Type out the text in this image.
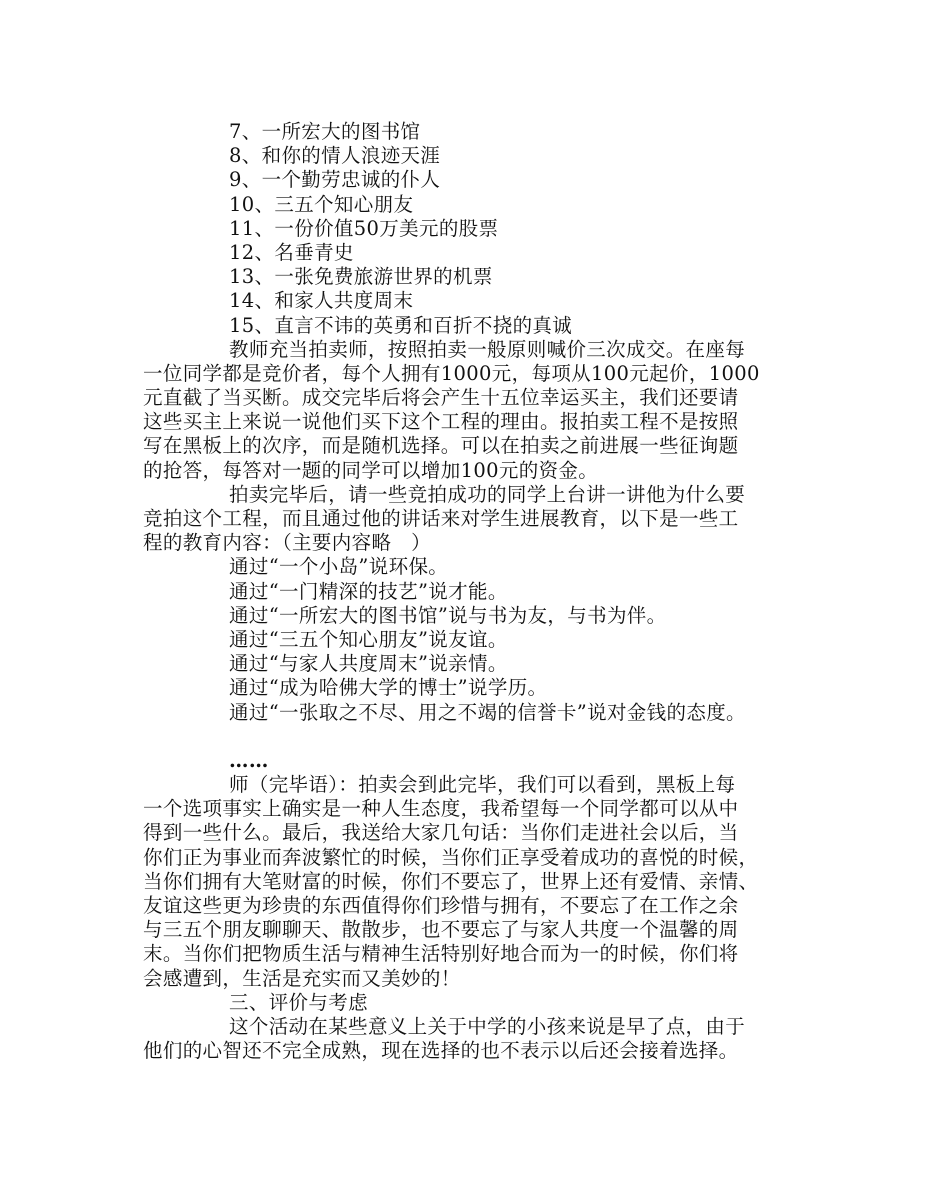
7、一所宏大的图书馆
8、和你的情人浪迹天涯
9、一个勤劳忠诚的仆人
10、三五个知心朋友
11、一份价值50万美元的股票
12、名垂青史
13、一张免费旅游世界的机票
14、和家人共度周末
15、直言不讳的英勇和百折不挠的真诚
教师充当拍卖师，按照拍卖一般原则喊价三次成交。在座每
一位同学都是竞价者，每个人拥有1000元，每项从100元起价，1000
元直截了当买断。成交完毕后将会产生十五位幸运买主，我们还要请
这些买主上来说一说他们买下这个工程的理由。报拍卖工程不是按照
写在黑板上的次序，而是随机选择。可以在拍卖之前进展一些征询题
的抢答，每答对一题的同学可以增加100元的资金。
拍卖完毕后，请一些竞拍成功的同学上台讲一讲他为什么要
竞拍这个工程，而且通过他的讲话来对学生进展教育，以下是一些工
程的教育内容：（主要内容略　）
通过“一个小岛”说环保。
通过“一门精深的技艺”说才能。
通过“一所宏大的图书馆”说与书为友，与书为伴。
通过“三五个知心朋友”说友谊。
通过“与家人共度周末”说亲情。
通过“成为哈佛大学的博士”说学历。
通过“一张取之不尽、用之不竭的信誉卡”说对金钱的态度。
……
师（完毕语）：拍卖会到此完毕，我们可以看到，黑板上每
一个选项事实上确实是一种人生态度，我希望每一个同学都可以从中
得到一些什么。最后，我送给大家几句话：当你们走进社会以后，当
你们正为事业而奔波繁忙的时候，当你们正享受着成功的喜悦的时候，
当你们拥有大笔财富的时候，你们不要忘了，世界上还有爱情、亲情、
友谊这些更为珍贵的东西值得你们珍惜与拥有，不要忘了在工作之余
与三五个朋友聊聊天、散散步，也不要忘了与家人共度一个温馨的周
末。当你们把物质生活与精神生活特别好地合而为一的时候，你们将
会感遭到，生活是充实而又美妙的！
三、评价与考虑
这个活动在某些意义上关于中学的小孩来说是早了点，由于
他们的心智还不完全成熟，现在选择的也不表示以后还会接着选择。
